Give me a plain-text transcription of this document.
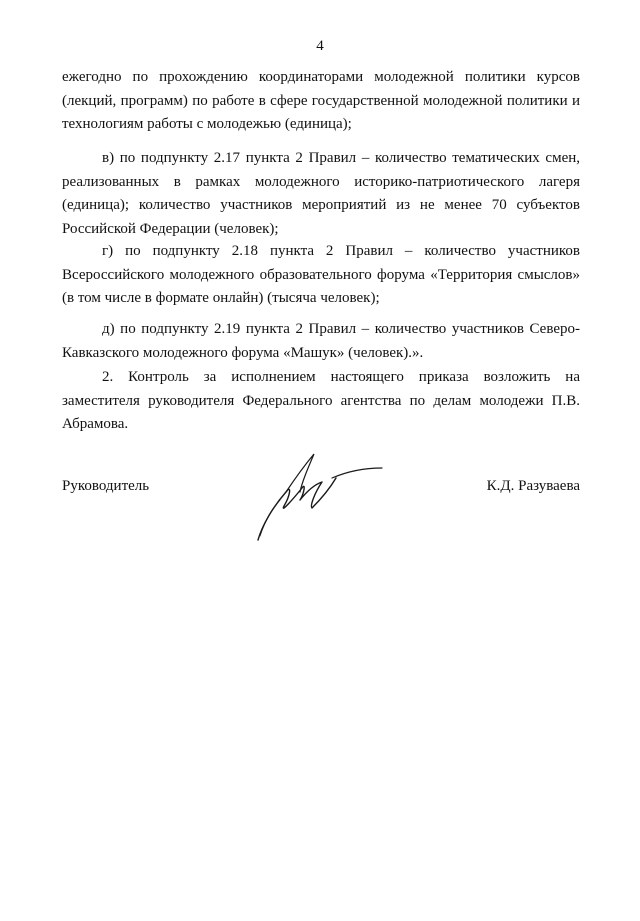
4

ежегодно по прохождению координаторами молодежной политики курсов (лекций, программ) по работе в сфере государственной молодежной политики и технологиям работы с молодежью (единица);

в) по подпункту 2.17 пункта 2 Правил – количество тематических смен, реализованных в рамках молодежного историко-патриотического лагеря (единица); количество участников мероприятий из не менее 70 субъектов Российской Федерации (человек);

г) по подпункту 2.18 пункта 2 Правил – количество участников Всероссийского молодежного образовательного форума «Территория смыслов» (в том числе в формате онлайн) (тысяча человек);

д) по подпункту 2.19 пункта 2 Правил – количество участников Северо-Кавказского молодежного форума «Машук» (человек).».

2. Контроль за исполнением настоящего приказа возложить на заместителя руководителя Федерального агентства по делам молодежи П.В. Абрамова.

Руководитель	К.Д. Разуваева
